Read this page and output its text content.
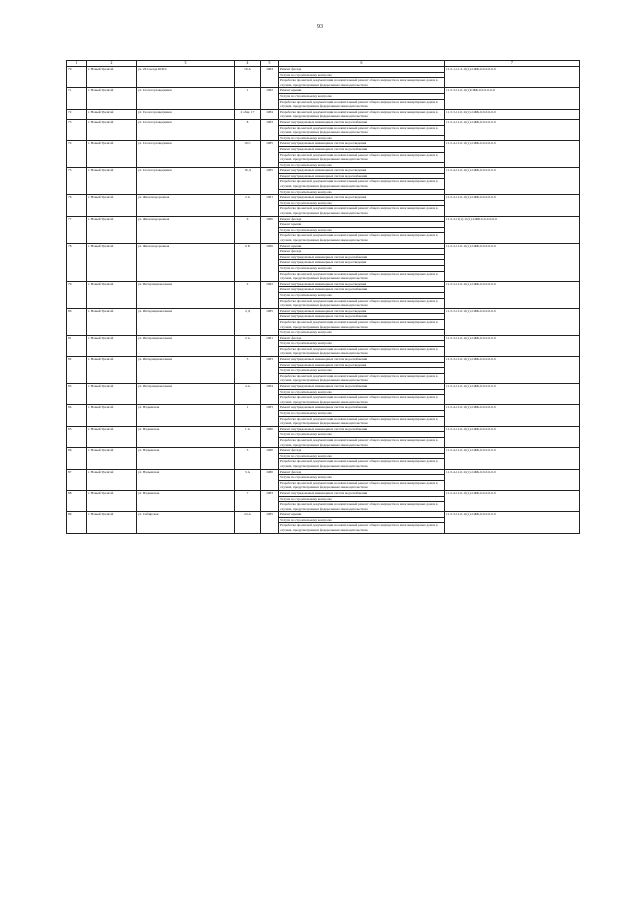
93
1	2	3	4	5	6	7
70	г. Новый Уренгой	ул. 26 Съезда КПСС	16 А	1984	Ремонт фасада	11-5-1-11-3-11(1)-СЖБ-0-0-0-0-0-0
					Услуги по строительному контролю	
					Разработка проектной документации на капитальный ремонт общего имущества в многоквартирных домах в случаях, предусмотренных федеральным законодательством	
71	г. Новый Уренгой	ул. Геологоразведчиков	1	1982	Ремонт крыши	11-5-3-11-0-11(1)СЖБ-0-0-0-0-0-0
					Услуги по строительному контролю	
					Разработка проектной документации на капитальный ремонт общего имущества в многоквартирных домах в случаях, предусмотренных федеральным законодательством	
72	г. Новый Уренгой	ул. Геологоразведчиков	2 общ. 17	1984	Разработка проектной документации на капитальный ремонт общего имущества в многоквартирных домах в случаях, предусмотренных федеральным законодательством	11-5-5-11-0-11(1)-СЖБ-0-0-0-0-0-0
73	г. Новый Уренгой	ул. Геологоразведчиков	8	1983	Ремонт внутридомовых инженерных систем водоснабжения	11-5-2-11-0-11(1)-СЖБ-0-0-0-0-0-0
					Разработка проектной документации на капитальный ремонт общего имущества в многоквартирных домах в случаях, предусмотренных федеральным законодательством	
					Услуги по строительному контролю	
74	г. Новый Уренгой	ул. Геологоразведчиков	16 С	1985	Ремонт внутридомовых инженерных систем водоотведения	11-5-4-11-0-11(1)-СЖБ-0-0-0-0-0-0
					Ремонт внутридомовых инженерных систем водоснабжения	
					Разработка проектной документации на капитальный ремонт общего имущества в многоквартирных домах в случаях, предусмотренных федеральным законодательством	
					Услуги по строительному контролю	
75	г. Новый Уренгой	ул. Геологоразведчиков	16 Д	1985	Ремонт внутридомовых инженерных систем водоотведения	11-5-4-11-0-11(1)-СЖБ-0-0-0-0-0-0
					Ремонт внутридомовых инженерных систем водоснабжения	
					Разработка проектной документации на капитальный ремонт общего имущества в многоквартирных домах в случаях, предусмотренных федеральным законодательством	
					Услуги по строительному контролю	
76	г. Новый Уренгой	ул. Железнодорожная	2 А	1981	Ремонт внутридомовых инженерных систем водоотведения	11-5-2-11-0-11(1)-СЖБ-0-0-0-0-0-0
					Услуги по строительному контролю	
					Разработка проектной документации на капитальный ремонт общего имущества в многоквартирных домах в случаях, предусмотренных федеральным законодательством	
77	г. Новый Уренгой	ул. Железнодорожная	6	1980	Ремонт фасада	11-5-3-11(1)-11(1)-СЖБ-0-0-0-0-0-0
					Ремонт крыши	
					Услуги по строительному контролю	
					Разработка проектной документации на капитальный ремонт общего имущества в многоквартирных домах в случаях, предусмотренных федеральным законодательством	
78	г. Новый Уренгой	ул. Железнодорожная	6 Б	1986	Ремонт крыши	11-5-3-11-0-11(1)-СЖБ-0-0-0-0-0-0
					Ремонт фасада	
					Ремонт внутридомовых инженерных систем водоснабжения	
					Ремонт внутридомовых инженерных систем водоотведения	
					Услуги по строительному контролю	
					Разработка проектной документации на капитальный ремонт общего имущества в многоквартирных домах в случаях, предусмотренных федеральным законодательством	
79	г. Новый Уренгой	ул. Интернациональная	2	1982	Ремонт внутридомовых инженерных систем водоотведения	11-5-5-11-0-11(1)-СЖБ-0-0-0-0-0-0
					Ремонт внутридомовых инженерных систем водоснабжения	
					Услуги по строительному контролю	
					Разработка проектной документации на капитальный ремонт общего имущества в многоквартирных домах в случаях, предусмотренных федеральным законодательством	
80	г. Новый Уренгой	ул. Интернациональная	2 Д	1985	Ремонт внутридомовых инженерных систем водоотведения	11-5-5-11-0-11(1)-СЖБ-0-0-0-0-0-0
					Ремонт внутридомовых инженерных систем водоснабжения	
					Разработка проектной документации на капитальный ремонт общего имущества в многоквартирных домах в случаях, предусмотренных федеральным законодательством	
					Услуги по строительному контролю	
81	г. Новый Уренгой	ул. Интернациональная	2 А	1981	Ремонт фасада	11-5-3-11-0-11(1)-СЖБ-0-0-0-0-0-0
					Услуги по строительному контролю	
					Разработка проектной документации на капитальный ремонт общего имущества в многоквартирных домах в случаях, предусмотренных федеральным законодательством	
82	г. Новый Уренгой	ул. Интернациональная	3	1983	Ремонт внутридомовых инженерных систем водоснабжения	11-5-3-11-0-11(1)-СЖБ-0-0-0-0-0-0
					Ремонт внутридомовых инженерных систем водоотведения	
					Услуги по строительному контролю	
					Разработка проектной документации на капитальный ремонт общего имущества в многоквартирных домах в случаях, предусмотренных федеральным законодательством	
83	г. Новый Уренгой	ул. Интернациональная	4 А	1984	Ремонт внутридомовых инженерных систем водоснабжения	11-5-2-11-0-11(1)-СЖБ-0-0-0-0-0-0
					Услуги по строительному контролю	
					Разработка проектной документации на капитальный ремонт общего имущества в многоквартирных домах в случаях, предусмотренных федеральным законодательством	
84	г. Новый Уренгой	ул. Надымская	1	1983	Ремонт внутридомовых инженерных систем водоснабжения	11-5-4-11-0-11(1)-СЖБ-0-0-0-0-0-0
					Услуги по строительному контролю	
					Разработка проектной документации на капитальный ремонт общего имущества в многоквартирных домах в случаях, предусмотренных федеральным законодательством	
85	г. Новый Уренгой	ул. Надымская	1 А	1980	Ремонт внутридомовых инженерных систем водоснабжения	11-5-2-11-0-11(1)-СЖБ-0-0-0-0-0-0
					Услуги по строительному контролю	
					Разработка проектной документации на капитальный ремонт общего имущества в многоквартирных домах в случаях, предусмотренных федеральным законодательством	
86	г. Новый Уренгой	ул. Надымская	3	1980	Ремонт фасада	11-5-4-11-0-11(1)-СЖБ-0-0-0-0-0-0
					Услуги по строительному контролю	
					Разработка проектной документации на капитальный ремонт общего имущества в многоквартирных домах в случаях, предусмотренных федеральным законодательством	
87	г. Новый Уренгой	ул. Надымская	3 А	1980	Ремонт фасада	11-5-4-11-0-11(1)-СЖБ-0-0-0-0-0-0
					Услуги по строительному контролю	
					Разработка проектной документации на капитальный ремонт общего имущества в многоквартирных домах в случаях, предусмотренных федеральным законодательством	
88	г. Новый Уренгой	ул. Надымская	7	1983	Ремонт внутридомовых инженерных систем водоснабжения	11-5-4-11-0-11(1)-СЖБ-0-0-0-0-0-0
					Услуги по строительному контролю	
					Разработка проектной документации на капитальный ремонт общего имущества в многоквартирных домах в случаях, предусмотренных федеральным законодательством	
89	г. Новый Уренгой	ул. Сибирская	24 А	1985	Ремонт крыши	11-5-3-11-0-11(1)-СЖБ-0-0-0-0-0-0
					Услуги по строительному контролю	
					Разработка проектной документации на капитальный ремонт общего имущества в многоквартирных домах в случаях, предусмотренных федеральным законодательством	
